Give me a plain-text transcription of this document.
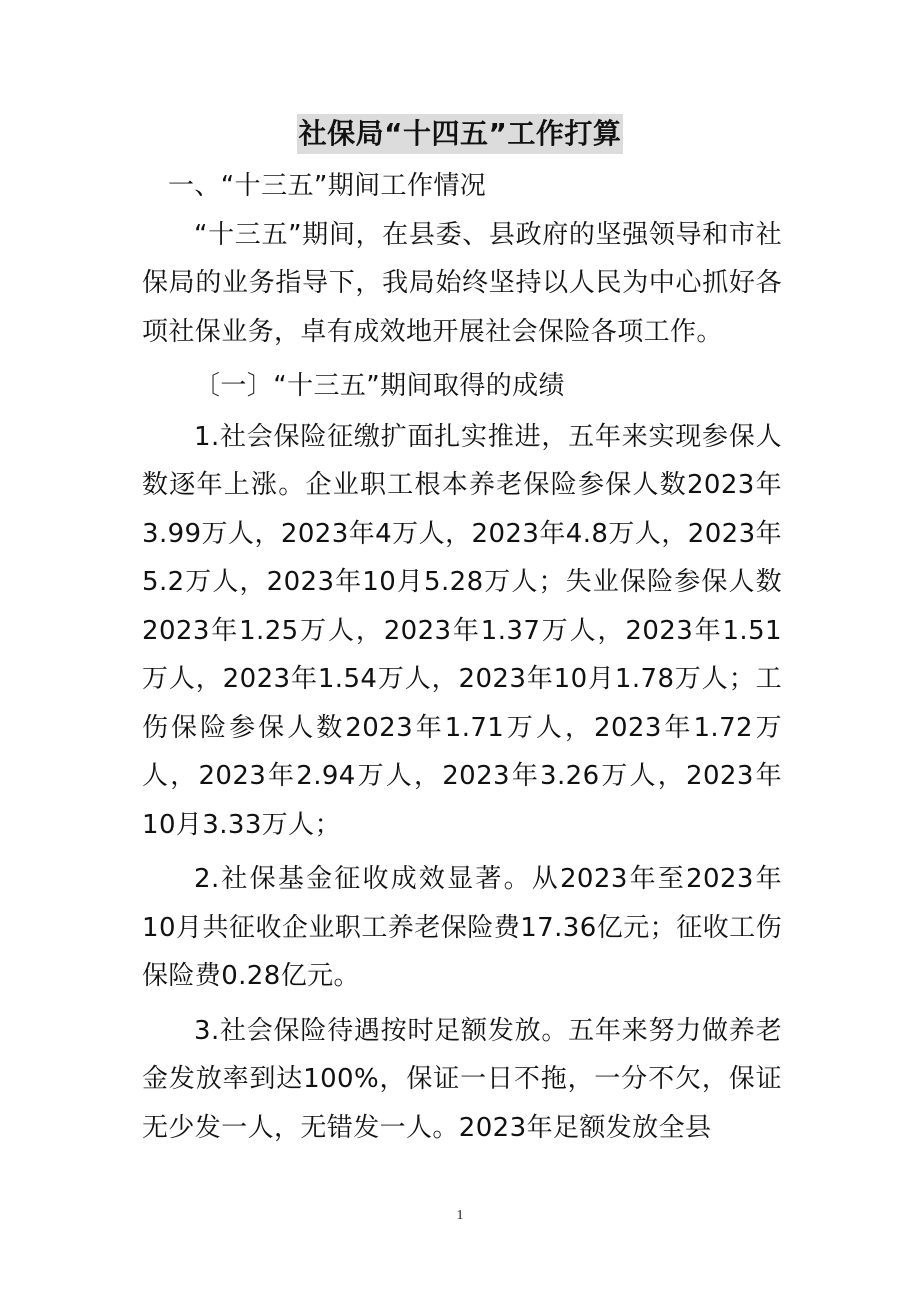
社保局“十四五”工作打算

一、“十三五”期间工作情况

“十三五”期间，在县委、县政府的坚强领导和市社保局的业务指导下，我局始终坚持以人民为中心抓好各项社保业务，卓有成效地开展社会保险各项工作。

〔一〕“十三五”期间取得的成绩

1.社会保险征缴扩面扎实推进，五年来实现参保人数逐年上涨。企业职工根本养老保险参保人数2023年3.99万人，2023年4万人，2023年4.8万人，2023年5.2万人，2023年10月5.28万人；失业保险参保人数2023年1.25万人，2023年1.37万人，2023年1.51万人，2023年1.54万人，2023年10月1.78万人；工伤保险参保人数2023年1.71万人，2023年1.72万人，2023年2.94万人，2023年3.26万人，2023年10月3.33万人；

2.社保基金征收成效显著。从2023年至2023年10月共征收企业职工养老保险费17.36亿元；征收工伤保险费0.28亿元。

3.社会保险待遇按时足额发放。五年来努力做养老金发放率到达100%，保证一日不拖，一分不欠，保证无少发一人，无错发一人。2023年足额发放全县

1
